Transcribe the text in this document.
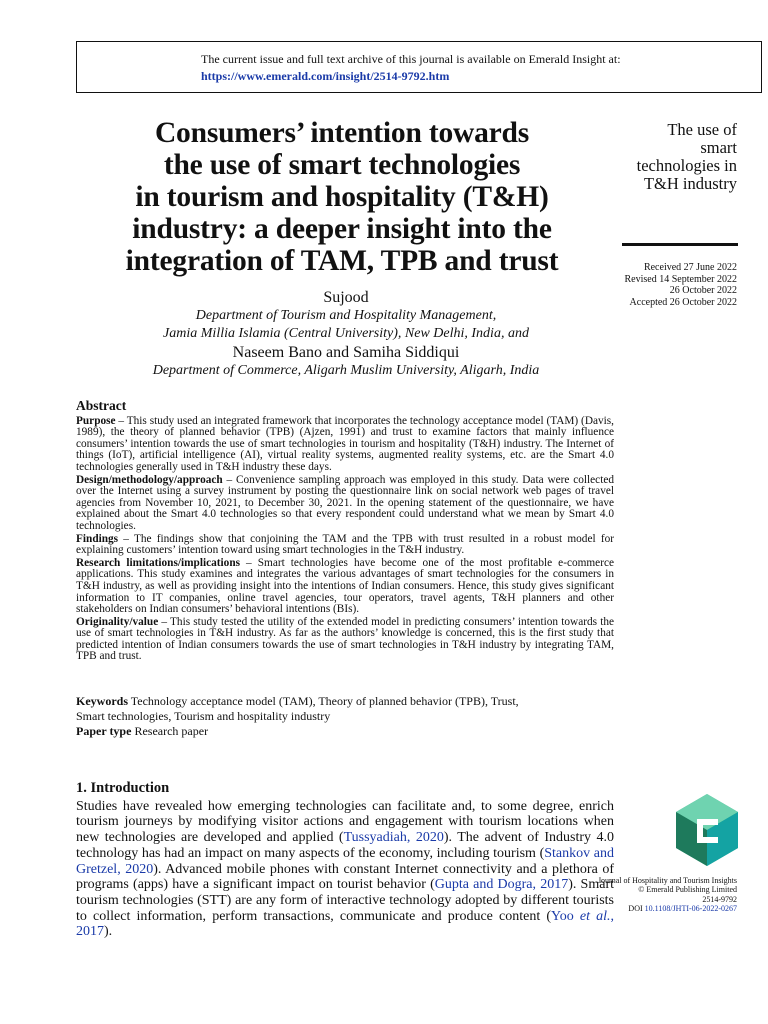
The current issue and full text archive of this journal is available on Emerald Insight at:
https://www.emerald.com/insight/2514-9792.htm
Consumers’ intention towards
the use of smart technologies
in tourism and hospitality (T&H)
industry: a deeper insight into the
integration of TAM, TPB and trust
The use of
smart
technologies in
T&H industry
Received 27 June 2022
Revised 14 September 2022
26 October 2022
Accepted 26 October 2022
Sujood
Department of Tourism and Hospitality Management,
Jamia Millia Islamia (Central University), New Delhi, India, and
Naseem Bano and Samiha Siddiqui
Department of Commerce, Aligarh Muslim University, Aligarh, India
Abstract

Purpose – This study used an integrated framework that incorporates the technology acceptance model (TAM) (Davis, 1989), the theory of planned behavior (TPB) (Ajzen, 1991) and trust to examine factors that mainly influence consumers’ intention towards the use of smart technologies in tourism and hospitality (T&H) industry. The Internet of things (IoT), artificial intelligence (AI), virtual reality systems, augmented reality systems, etc. are the Smart 4.0 technologies generally used in T&H industry these days.

Design/methodology/approach – Convenience sampling approach was employed in this study. Data were collected over the Internet using a survey instrument by posting the questionnaire link on social network web pages of travel agencies from November 10, 2021, to December 30, 2021. In the opening statement of the questionnaire, we have explained about the Smart 4.0 technologies so that every respondent could understand what we mean by Smart 4.0 technologies.

Findings – The findings show that conjoining the TAM and the TPB with trust resulted in a robust model for explaining customers’ intention toward using smart technologies in the T&H industry.

Research limitations/implications – Smart technologies have become one of the most profitable e-commerce applications. This study examines and integrates the various advantages of smart technologies for the consumers in T&H industry, as well as providing insight into the intentions of Indian consumers. Hence, this study gives significant information to IT companies, online travel agencies, tour operators, travel agents, T&H planners and other stakeholders on Indian consumers’ behavioral intentions (BIs).

Originality/value – This study tested the utility of the extended model in predicting consumers’ intention towards the use of smart technologies in T&H industry. As far as the authors’ knowledge is concerned, this is the first study that predicted intention of Indian consumers towards the use of smart technologies in T&H industry by integrating TAM, TPB and trust.

Keywords Technology acceptance model (TAM), Theory of planned behavior (TPB), Trust,
Smart technologies, Tourism and hospitality industry
Paper type Research paper
1. Introduction

Studies have revealed how emerging technologies can facilitate and, to some degree, enrich tourism journeys by modifying visitor actions and engagement with tourism locations when new technologies are developed and applied (Tussyadiah, 2020). The advent of Industry 4.0 technology has had an impact on many aspects of the economy, including tourism (Stankov and Gretzel, 2020). Advanced mobile phones with constant Internet connectivity and a plethora of programs (apps) have a significant impact on tourist behavior (Gupta and Dogra, 2017). Smart tourism technologies (STT) are any form of interactive technology adopted by different tourists to collect information, perform transactions, communicate and produce content (Yoo et al., 2017).

Journal of Hospitality and Tourism Insights
© Emerald Publishing Limited
2514-9792
DOI 10.1108/JHTI-06-2022-0267
